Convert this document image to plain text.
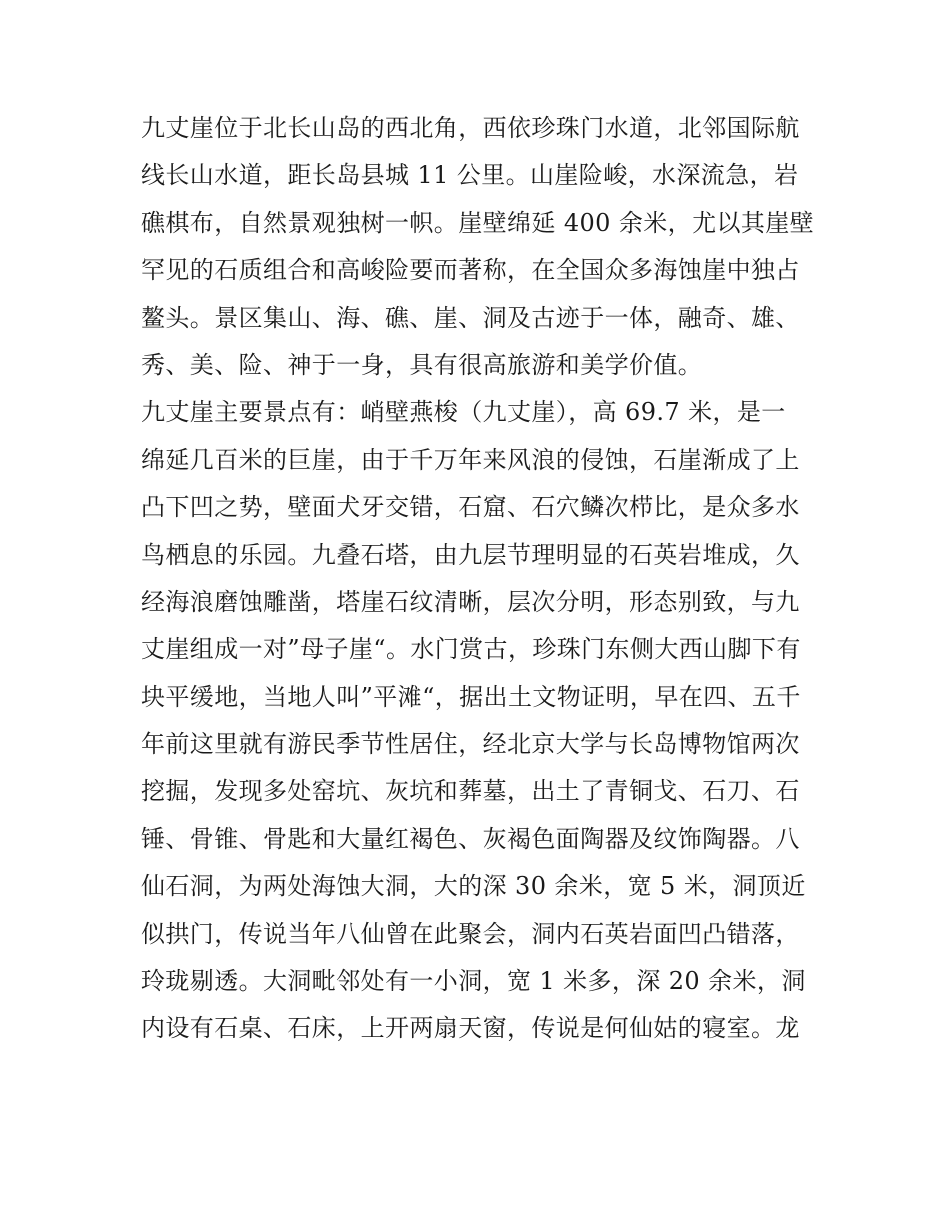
九丈崖位于北长山岛的西北角，西依珍珠门水道，北邻国际航
线长山水道，距长岛县城 11 公里。山崖险峻，水深流急，岩
礁棋布，自然景观独树一帜。崖壁绵延 400 余米，尤以其崖壁
罕见的石质组合和高峻险要而著称，在全国众多海蚀崖中独占
鳌头。景区集山、海、礁、崖、洞及古迹于一体，融奇、雄、
秀、美、险、神于一身，具有很高旅游和美学价值。
九丈崖主要景点有：峭壁燕梭（九丈崖），高 69.7 米，是一
绵延几百米的巨崖，由于千万年来风浪的侵蚀，石崖渐成了上
凸下凹之势，壁面犬牙交错，石窟、石穴鳞次栉比，是众多水
鸟栖息的乐园。九叠石塔，由九层节理明显的石英岩堆成，久
经海浪磨蚀雕凿，塔崖石纹清晰，层次分明，形态别致，与九
丈崖组成一对”母子崖“。水门赏古，珍珠门东侧大西山脚下有
块平缓地，当地人叫”平滩“，据出土文物证明，早在四、五千
年前这里就有游民季节性居住，经北京大学与长岛博物馆两次
挖掘，发现多处窑坑、灰坑和葬墓，出土了青铜戈、石刀、石
锤、骨锥、骨匙和大量红褐色、灰褐色面陶器及纹饰陶器。八
仙石洞，为两处海蚀大洞，大的深 30 余米，宽 5 米，洞顶近
似拱门，传说当年八仙曾在此聚会，洞内石英岩面凹凸错落，
玲珑剔透。大洞毗邻处有一小洞，宽 1 米多，深 20 余米，洞
内设有石桌、石床，上开两扇天窗，传说是何仙姑的寝室。龙
